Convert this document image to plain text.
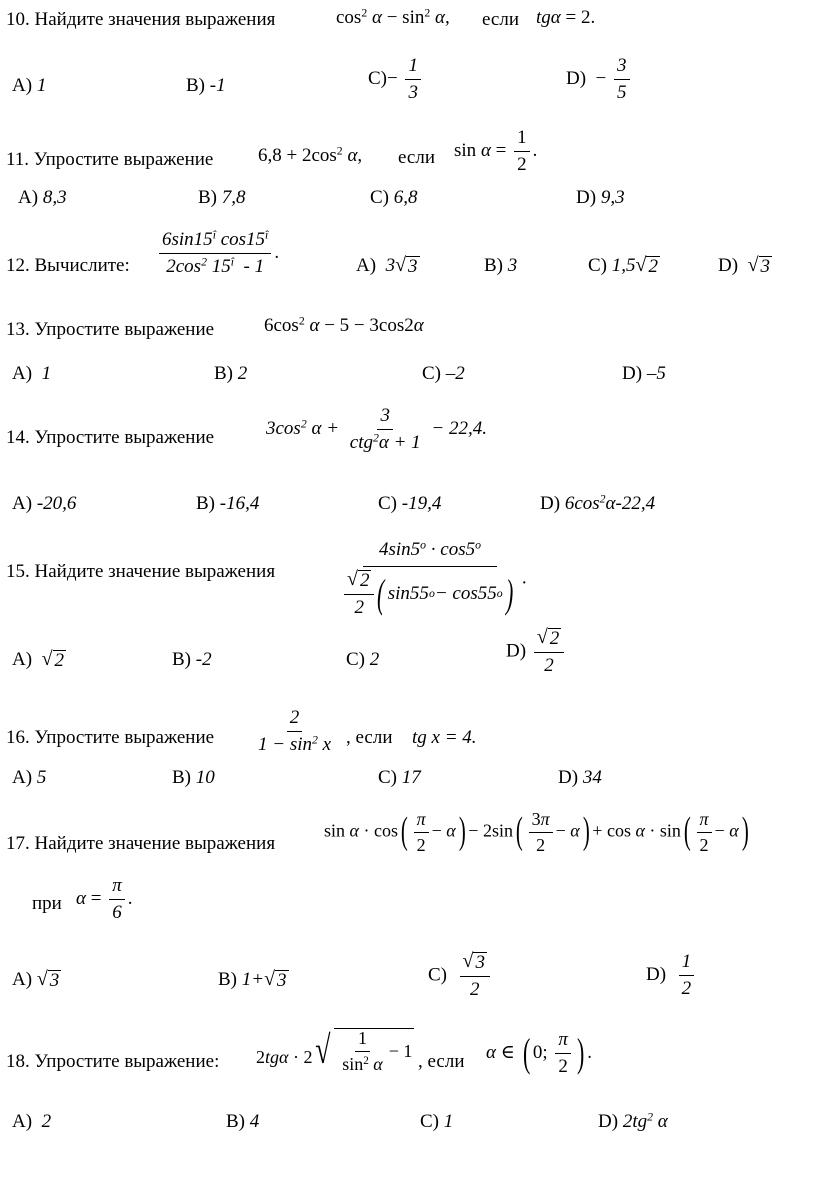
10. Найдите значения выражения	$\cos^2 \alpha - \sin^2 \alpha$, если tgα = 2.
A) 1	B) -1	$C)- \frac{1}{3}$	$D) - \frac{3}{5}$
11. Упростите выражение $6,8 + 2\cos^2$ α, если $\sin \alpha = \frac{1}{2}$ .
A) 8,3	B) 7,8	C) 6,8	D) 9,3
12. Вычислите: $\frac{6\sin 15^î \cos 15^î}{2\cos^2 15^î - 1}$ .
A)  3 √ 3	B) 3	C) 1,5 √ 2	D) √ 3
13. Упростите выражение	$6\cos^2$ α − 5 − 3cos2α
A)  1	B) 2	C) –2	D) –5
14. Упростите выражение	$3\cos^2$ $\alpha + \frac{3}{ctg^2\alpha + 1} - 22,4$.
A) -20,6	B) -16,4	C) -19,4	D) $6\cos^2\alpha-22,4$
15. Найдите значение выражения	$\frac{4\sin 5^o \cdot \cos 5^o}{\frac{√ 2}{2} ( \sin 55 o - \cos 55 o )}$ .
A) √ 2	B) -2	C) 2	$D) \frac{√ 2}{2}$
16. Упростите выражение $\frac{2}{1 - \sin^2 x}$ , если tg x = 4.
A) 5	B) 10	C) 17	D) 34
17. Найдите значение выражения
$\sin \alpha \cdot \cos( \frac{\pi}{2} - \alpha) - 2\sin( \frac{3\pi}{2} - \alpha) + \cos \alpha \cdot \sin( \frac{\pi}{2} - \alpha)$
при $\alpha = \frac{\pi}{6}$ .
A) √ 3	B) 1+ √ 3	$C) \frac{√ 3}{2}$	$D) \frac{1}{2}$
18. Упростите выражение: 2tgα · 2 √ $\frac{1}{\sin^2 \alpha} - 1$
, если α ∈ ( 0; $\frac{\pi}{2}$ ) .
A)  2	B) 4	C) 1	D) $2tg^2$ α
